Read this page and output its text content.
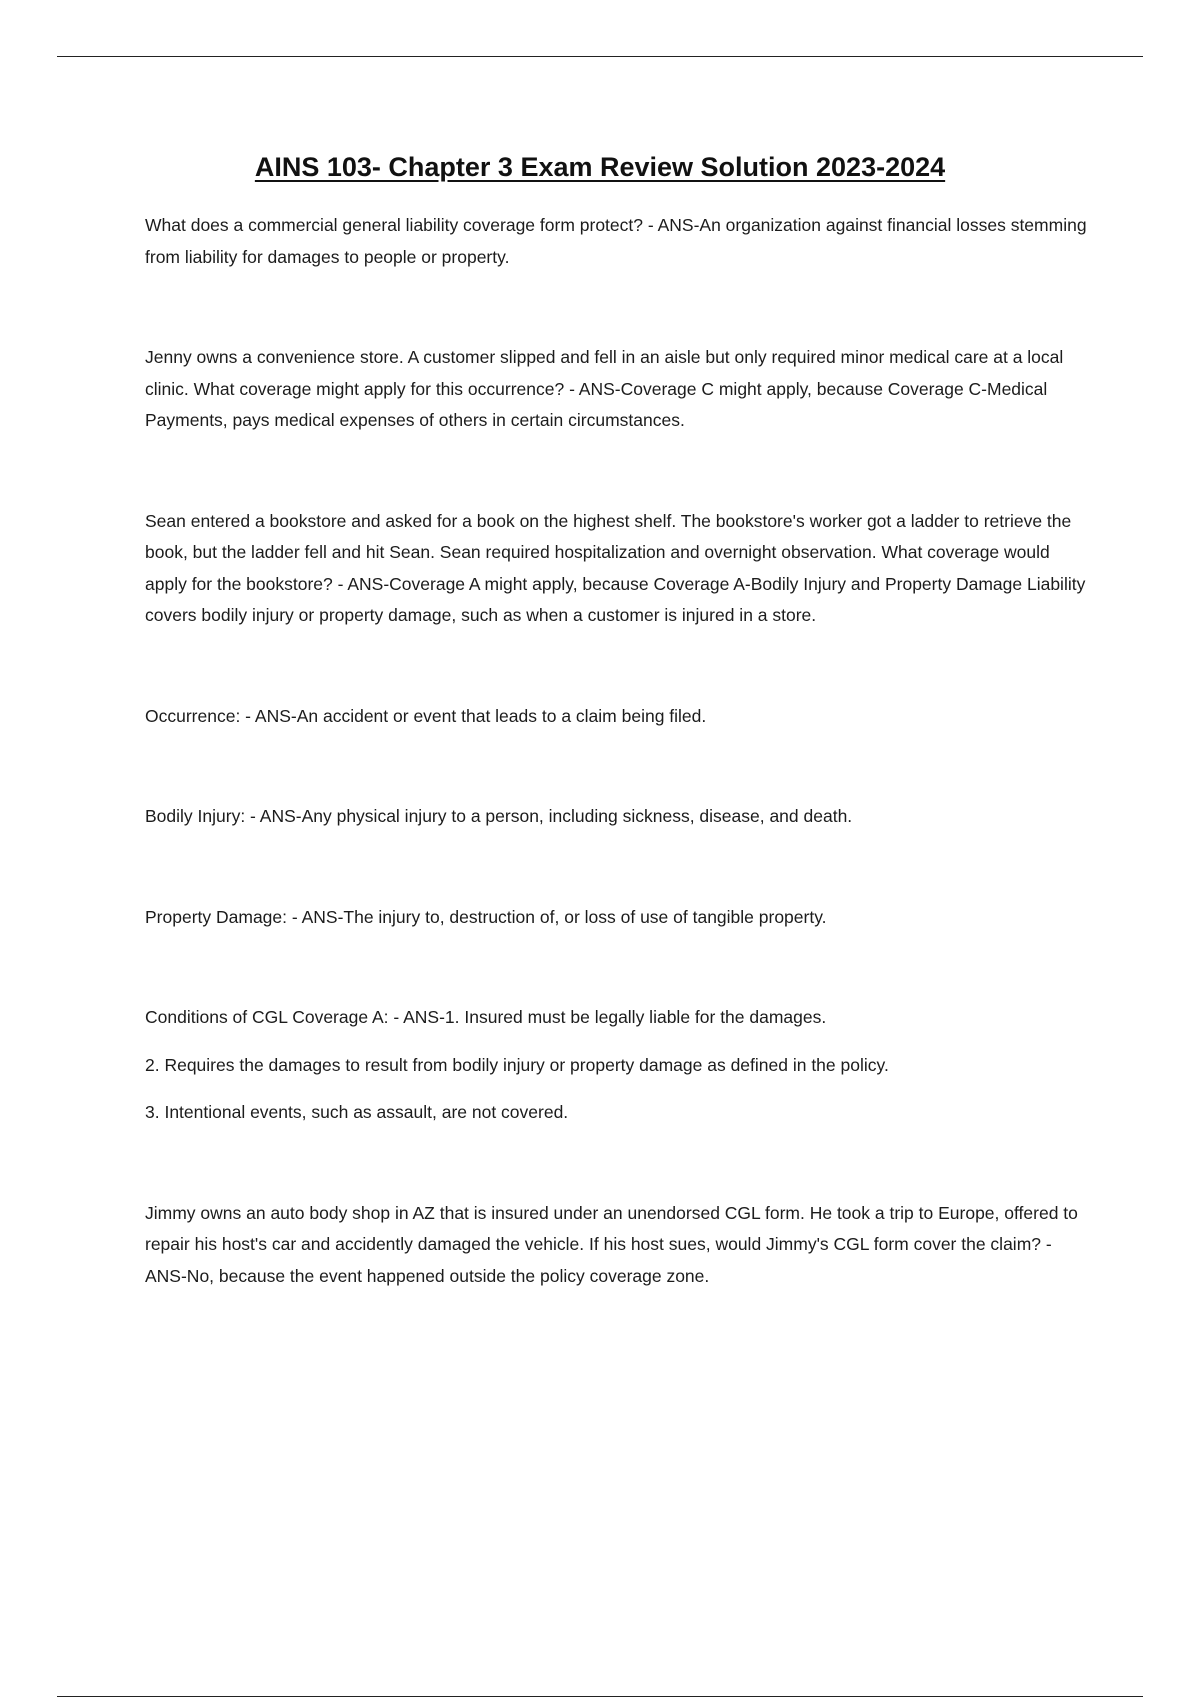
AINS 103- Chapter 3 Exam Review Solution 2023-2024

What does a commercial general liability coverage form protect? - ANS-An organization against financial losses stemming from liability for damages to people or property.

Jenny owns a convenience store. A customer slipped and fell in an aisle but only required minor medical care at a local clinic. What coverage might apply for this occurrence? - ANS-Coverage C might apply, because Coverage C-Medical Payments, pays medical expenses of others in certain circumstances.

Sean entered a bookstore and asked for a book on the highest shelf. The bookstore's worker got a ladder to retrieve the book, but the ladder fell and hit Sean. Sean required hospitalization and overnight observation. What coverage would apply for the bookstore? - ANS-Coverage A might apply, because Coverage A-Bodily Injury and Property Damage Liability covers bodily injury or property damage, such as when a customer is injured in a store.

Occurrence: - ANS-An accident or event that leads to a claim being filed.

Bodily Injury: - ANS-Any physical injury to a person, including sickness, disease, and death.

Property Damage: - ANS-The injury to, destruction of, or loss of use of tangible property.

Conditions of CGL Coverage A: - ANS-1. Insured must be legally liable for the damages.

2. Requires the damages to result from bodily injury or property damage as defined in the policy.

3. Intentional events, such as assault, are not covered.

Jimmy owns an auto body shop in AZ that is insured under an unendorsed CGL form. He took a trip to Europe, offered to repair his host's car and accidently damaged the vehicle. If his host sues, would Jimmy's CGL form cover the claim? - ANS-No, because the event happened outside the policy coverage zone.
